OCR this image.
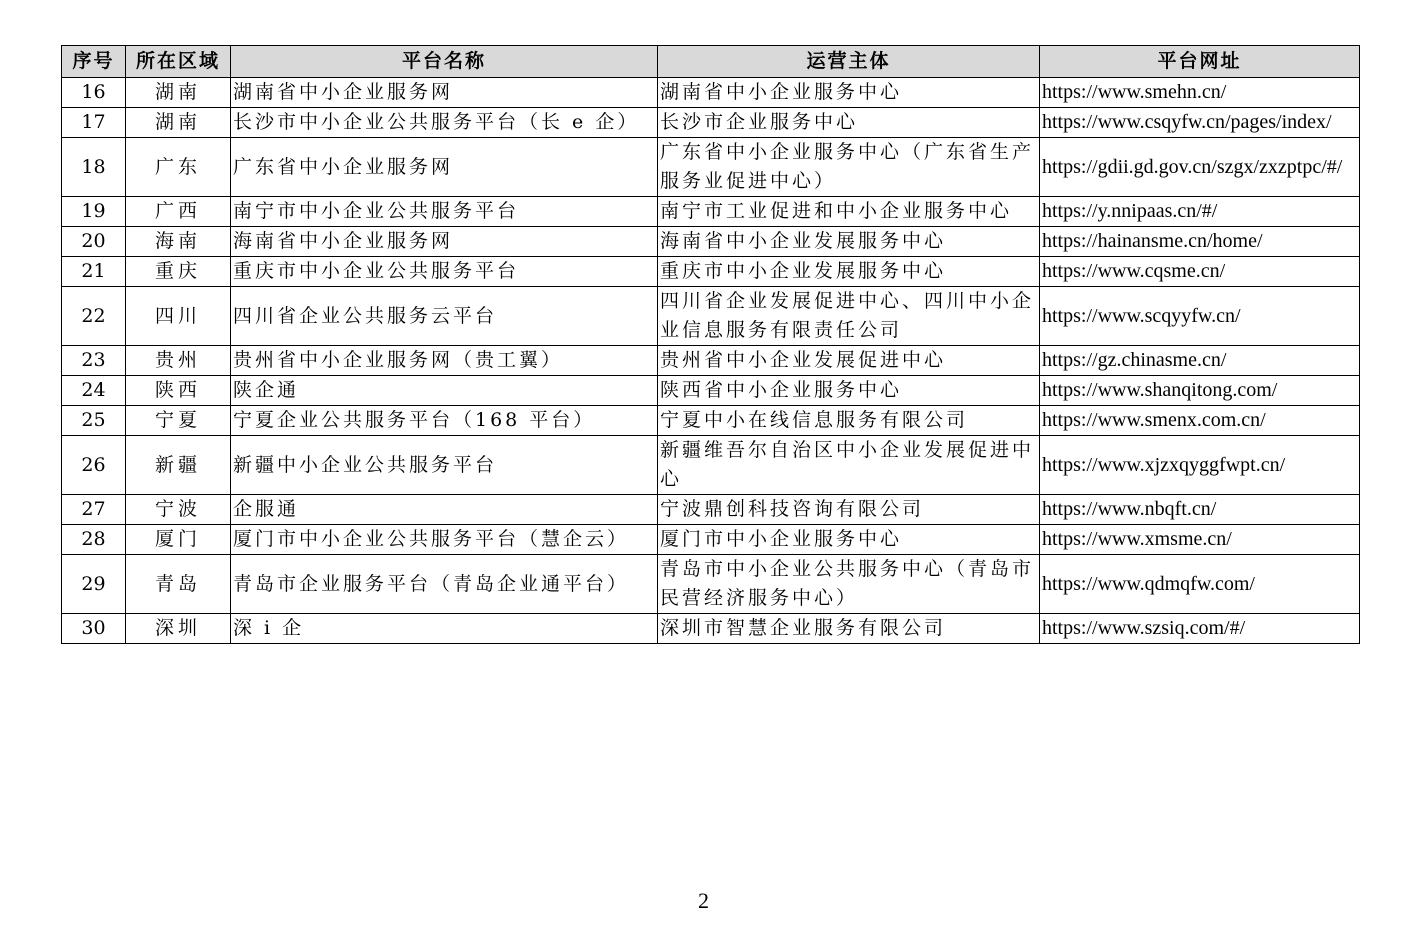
序号	所在区域	平台名称	运营主体	平台网址
16	湖南	湖南省中小企业服务网	湖南省中小企业服务中心	https://www.smehn.cn/
17	湖南	长沙市中小企业公共服务平台（长 e 企）	长沙市企业服务中心	https://www.csqyfw.cn/pages/index/
18	广东	广东省中小企业服务网	广东省中小企业服务中心（广东省生产服务业促进中心）	https://gdii.gd.gov.cn/szgx/zxzptpc/#/
19	广西	南宁市中小企业公共服务平台	南宁市工业促进和中小企业服务中心	https://y.nnipaas.cn/#/
20	海南	海南省中小企业服务网	海南省中小企业发展服务中心	https://hainansme.cn/home/
21	重庆	重庆市中小企业公共服务平台	重庆市中小企业发展服务中心	https://www.cqsme.cn/
22	四川	四川省企业公共服务云平台	四川省企业发展促进中心、四川中小企业信息服务有限责任公司	https://www.scqyyfw.cn/
23	贵州	贵州省中小企业服务网（贵工翼）	贵州省中小企业发展促进中心	https://gz.chinasme.cn/
24	陕西	陕企通	陕西省中小企业服务中心	https://www.shanqitong.com/
25	宁夏	宁夏企业公共服务平台（168 平台）	宁夏中小在线信息服务有限公司	https://www.smenx.com.cn/
26	新疆	新疆中小企业公共服务平台	新疆维吾尔自治区中小企业发展促进中心	https://www.xjzxqyggfwpt.cn/
27	宁波	企服通	宁波鼎创科技咨询有限公司	https://www.nbqft.cn/
28	厦门	厦门市中小企业公共服务平台（慧企云）	厦门市中小企业服务中心	https://www.xmsme.cn/
29	青岛	青岛市企业服务平台（青岛企业通平台）	青岛市中小企业公共服务中心（青岛市民营经济服务中心）	https://www.qdmqfw.com/
30	深圳	深 i 企	深圳市智慧企业服务有限公司	https://www.szsiq.com/#/
2
